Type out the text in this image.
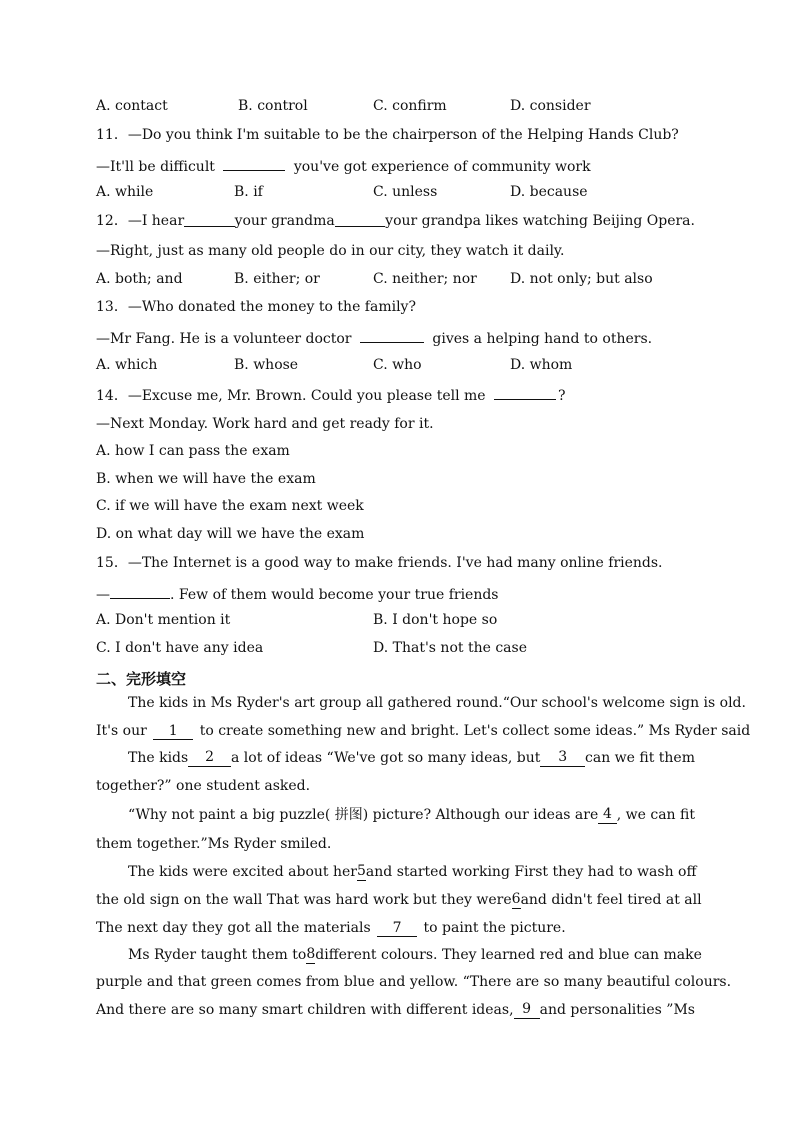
A. contact	B. control	C. confirm	D. consider
11．—Do you think I'm suitable to be the chairperson of the Helping Hands Club?
—It'll be difficult	you've got experience of community work
A. while	B. if	C. unless	D. because
12．—I hear	your grandma	your grandpa likes watching Beijing Opera.
—Right, just as many old people do in our city, they watch it daily.
A. both; and	B. either; or	C. neither; nor D. not only; but also
13．—Who donated the money to the family?
—Mr Fang. He is a volunteer doctor	gives a helping hand to others.
A. which	B. whose	C. who	D. whom
14．—Excuse me, Mr. Brown. Could you please tell me	?
—Next Monday. Work hard and get ready for it.
A. how I can pass the exam
B. when we will have the exam
C. if we will have the exam next week
D. on what day will we have the exam
15．—The Internet is a good way to make friends. I've had many online friends.
—	. Few of them would become your true friends
A. Don't mention it	B. I don't hope so
C. I don't have any idea	D. That's not the case
二、完形填空
The kids in Ms Ryder's art group all gathered round.“Our school's welcome sign is old.
It's our 1 to create something new and bright. Let's collect some ideas.” Ms Ryder said
The kids	2	a lot of ideas “We've got so many ideas, but	3	can we fit them
together?” one student asked.
“Why not paint a big puzzle( 拼图) picture? Although our ideas are 4 , we can fit
them together.”Ms Ryder smiled.
The kids were excited about her 5 and started working First they had to wash off
the old sign on the wall That was hard work but they were 6 and didn't feel tired at all
The next day they got all the materials 7 to paint the picture.
Ms Ryder taught them to 8 different colours. They learned red and blue can make
purple and that green comes from blue and yellow. “There are so many beautiful colours.
And there are so many smart children with different ideas, 9 and personalities ”Ms
